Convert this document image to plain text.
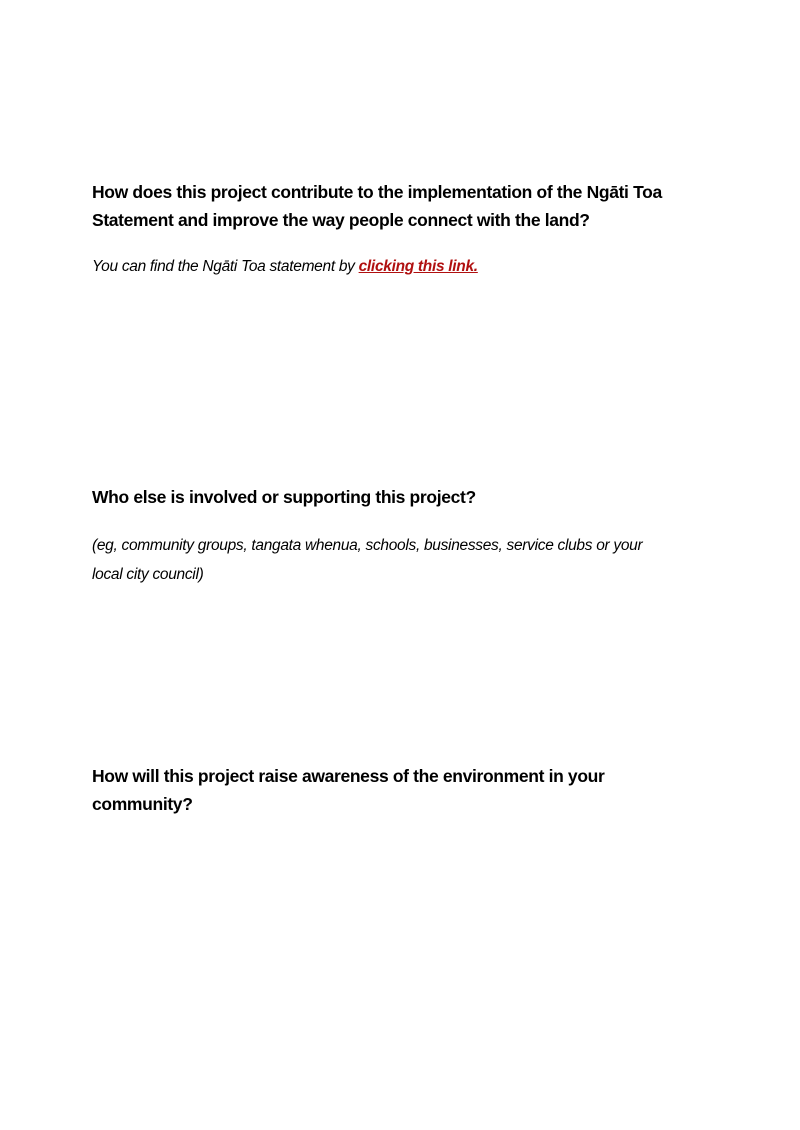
How does this project contribute to the implementation of the Ngāti Toa
Statement and improve the way people connect with the land?
You can find the Ngāti Toa statement by clicking this link.
Who else is involved or supporting this project?
(eg, community groups, tangata whenua, schools, businesses, service clubs or your
local city council)
How will this project raise awareness of the environment in your
community?
